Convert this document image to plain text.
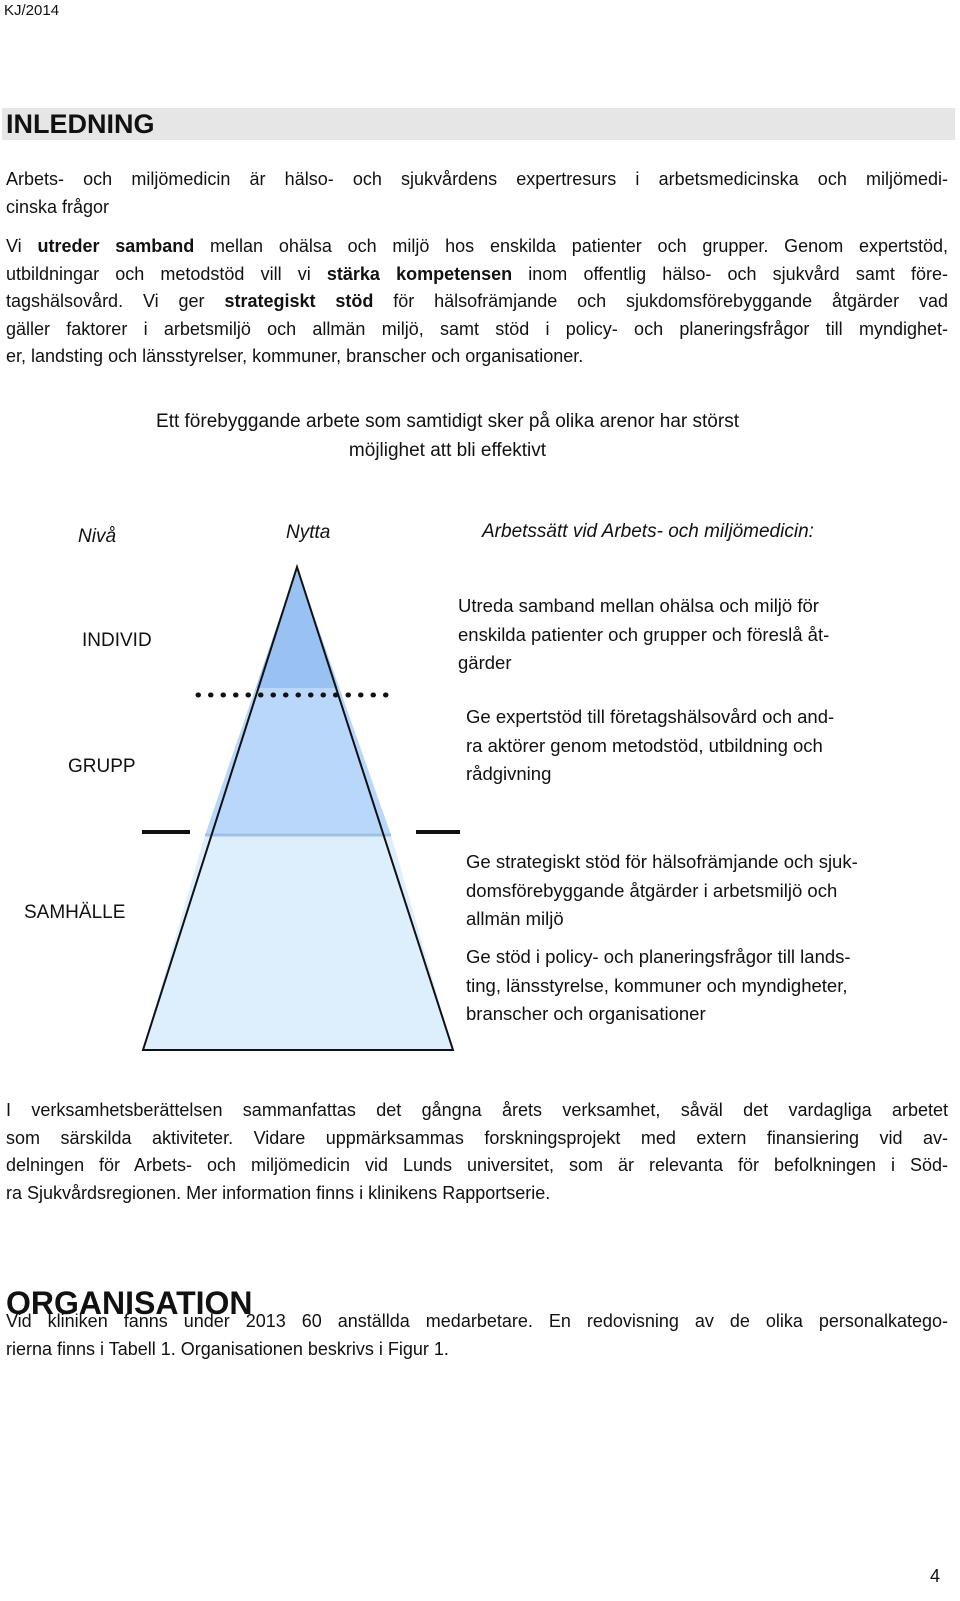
KJ/2014
INLEDNING
Arbets- och miljömedicin är hälso- och sjukvårdens expertresurs i arbetsmedicinska och miljömedi-
cinska frågor
Vi utreder samband mellan ohälsa och miljö hos enskilda patienter och grupper. Genom expertstöd,
utbildningar och metodstöd vill vi stärka kompetensen inom offentlig hälso- och sjukvård samt före-
tagshälsovård. Vi ger strategiskt stöd för hälsofrämjande och sjukdomsförebyggande åtgärder vad
gäller faktorer i arbetsmiljö och allmän miljö, samt stöd i policy- och planeringsfrågor till myndighet-
er, landsting och länsstyrelser, kommuner, branscher och organisationer.
Ett förebyggande arbete som samtidigt sker på olika arenor har störst
möjlighet att bli effektivt
Nivå	Nytta	Arbetssätt vid Arbets- och miljömedicin:
INDIVID
GRUPP
SAMHÄLLE
Utreda samband mellan ohälsa och miljö för
enskilda patienter och grupper och föreslå åt-
gärder
Ge expertstöd till företagshälsovård och and-
ra aktörer genom metodstöd, utbildning och
rådgivning
Ge strategiskt stöd för hälsofrämjande och sjuk-
domsförebyggande åtgärder i arbetsmiljö och
allmän miljö
Ge stöd i policy- och planeringsfrågor till lands-
ting, länsstyrelse, kommuner och myndigheter,
branscher och organisationer
I verksamhetsberättelsen sammanfattas det gångna årets verksamhet, såväl det vardagliga arbetet
som särskilda aktiviteter. Vidare uppmärksammas forskningsprojekt med extern finansiering vid av-
delningen för Arbets- och miljömedicin vid Lunds universitet, som är relevanta för befolkningen i Söd-
ra Sjukvårdsregionen. Mer information finns i klinikens Rapportserie.
ORGANISATION
Vid kliniken fanns under 2013 60 anställda medarbetare. En redovisning av de olika personalkatego-
rierna finns i Tabell 1. Organisationen beskrivs i Figur 1.
4
